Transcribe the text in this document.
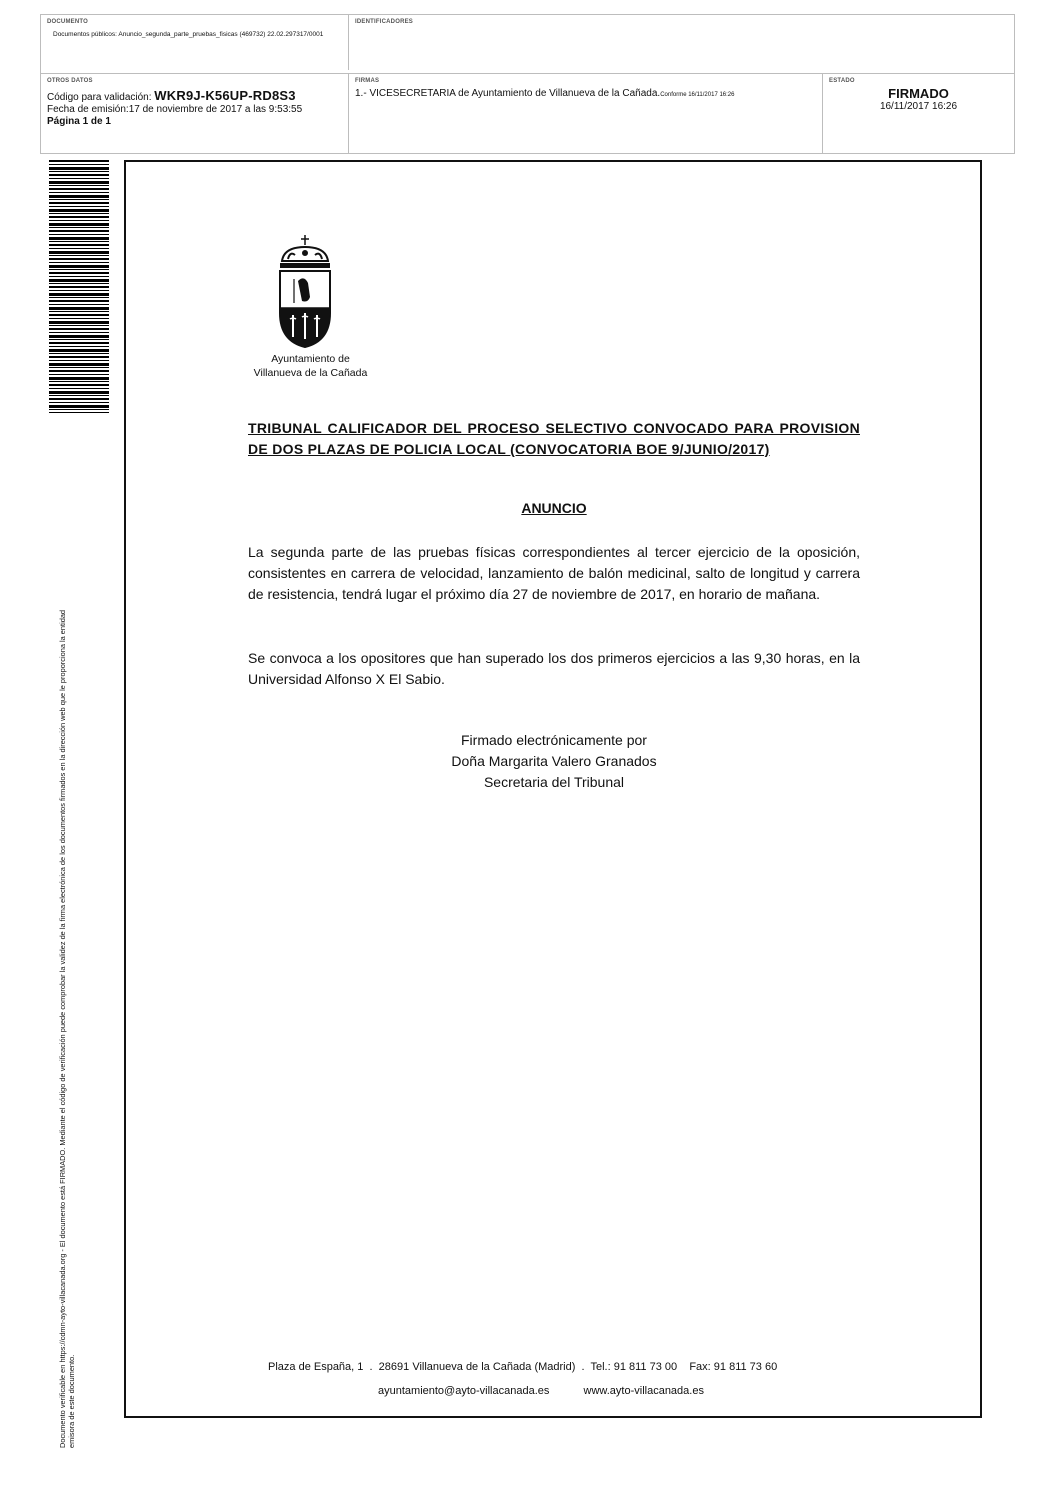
DOCUMENTO
Documentos públicos: Anuncio_segunda_parte_pruebas_fisicas (469732) 22.02.297317/0001
IDENTIFICADORES
OTROS DATOS
Código para validación: WKR9J-K56UP-RD8S3
Fecha de emisión:17 de noviembre de 2017 a las 9:53:55
Página 1 de 1
FIRMAS
1.- VICESECRETARIA de Ayuntamiento de Villanueva de la Cañada.Conforme 16/11/2017 16:26
ESTADO
FIRMADO
16/11/2017 16:26
Documento verificable en https://cdmn-ayto-villacanada.org - El documento está FIRMADO. Mediante el código de verificación puede comprobar la validez de la firma electrónica de los documentos firmados en la dirección web que le proporciona la entidad emisora de este documento.
Ayuntamiento de
Villanueva de la Cañada
TRIBUNAL CALIFICADOR DEL PROCESO SELECTIVO CONVOCADO PARA PROVISION DE DOS PLAZAS DE POLICIA LOCAL (CONVOCATORIA BOE 9/JUNIO/2017)
ANUNCIO
La segunda parte de las pruebas físicas correspondientes al tercer ejercicio de la oposición, consistentes en carrera de velocidad, lanzamiento de balón medicinal, salto de longitud y carrera de resistencia, tendrá lugar el próximo día 27 de noviembre de 2017, en horario de mañana.
Se convoca a los opositores que han superado los dos primeros ejercicios a las 9,30 horas, en la Universidad Alfonso X El Sabio.
Firmado electrónicamente por
Doña Margarita Valero Granados
Secretaria del Tribunal
Plaza de España, 1  .  28691 Villanueva de la Cañada (Madrid)  .  Tel.: 91 811 73 00    Fax: 91 811 73 60
ayuntamiento@ayto-villacanada.es	www.ayto-villacanada.es
